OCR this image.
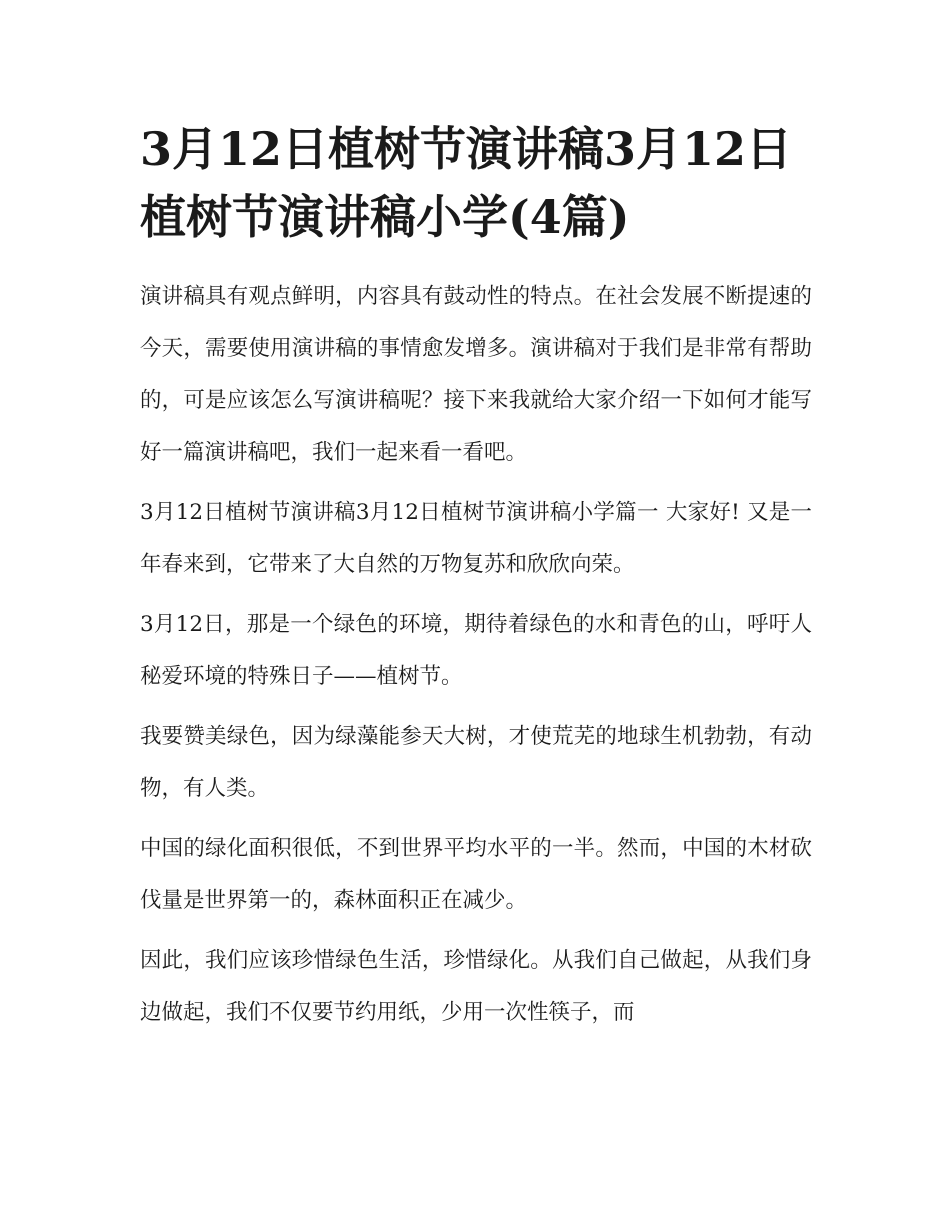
3月12日植树节演讲稿3月12日植树节演讲稿小学(4篇)

演讲稿具有观点鲜明，内容具有鼓动性的特点。在社会发展不断提速的今天，需要使用演讲稿的事情愈发增多。演讲稿对于我们是非常有帮助的，可是应该怎么写演讲稿呢？接下来我就给大家介绍一下如何才能写好一篇演讲稿吧，我们一起来看一看吧。

3月12日植树节演讲稿3月12日植树节演讲稿小学篇一 大家好! 又是一年春来到，它带来了大自然的万物复苏和欣欣向荣。

3月12日，那是一个绿色的环境，期待着绿色的水和青色的山，呼吁人秘爱环境的特殊日子——植树节。

我要赞美绿色，因为绿藻能参天大树，才使荒芜的地球生机勃勃，有动物，有人类。

中国的绿化面积很低，不到世界平均水平的一半。然而，中国的木材砍伐量是世界第一的，森林面积正在减少。

因此，我们应该珍惜绿色生活，珍惜绿化。从我们自己做起，从我们身边做起，我们不仅要节约用纸，少用一次性筷子，而
